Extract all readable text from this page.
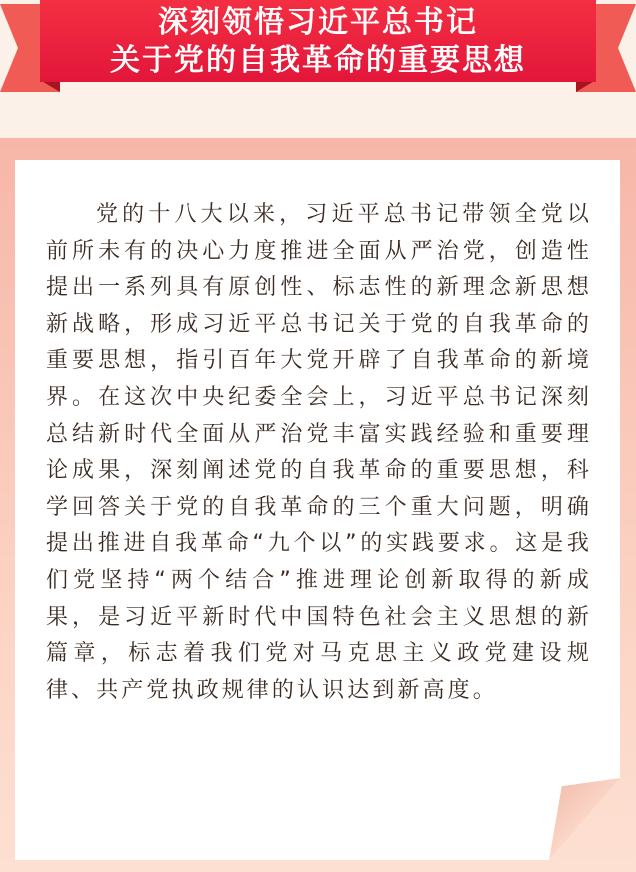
深刻领悟习近平总书记
关于党的自我革命的重要思想

党的十八大以来，习近平总书记带领全党以前所未有的决心力度推进全面从严治党，创造性提出一系列具有原创性、标志性的新理念新思想新战略，形成习近平总书记关于党的自我革命的重要思想，指引百年大党开辟了自我革命的新境界。在这次中央纪委全会上，习近平总书记深刻总结新时代全面从严治党丰富实践经验和重要理论成果，深刻阐述党的自我革命的重要思想，科学回答关于党的自我革命的三个重大问题，明确提出推进自我革命“九个以”的实践要求。这是我们党坚持“两个结合”推进理论创新取得的新成果，是习近平新时代中国特色社会主义思想的新篇章，标志着我们党对马克思主义政党建设规律、共产党执政规律的认识达到新高度。
